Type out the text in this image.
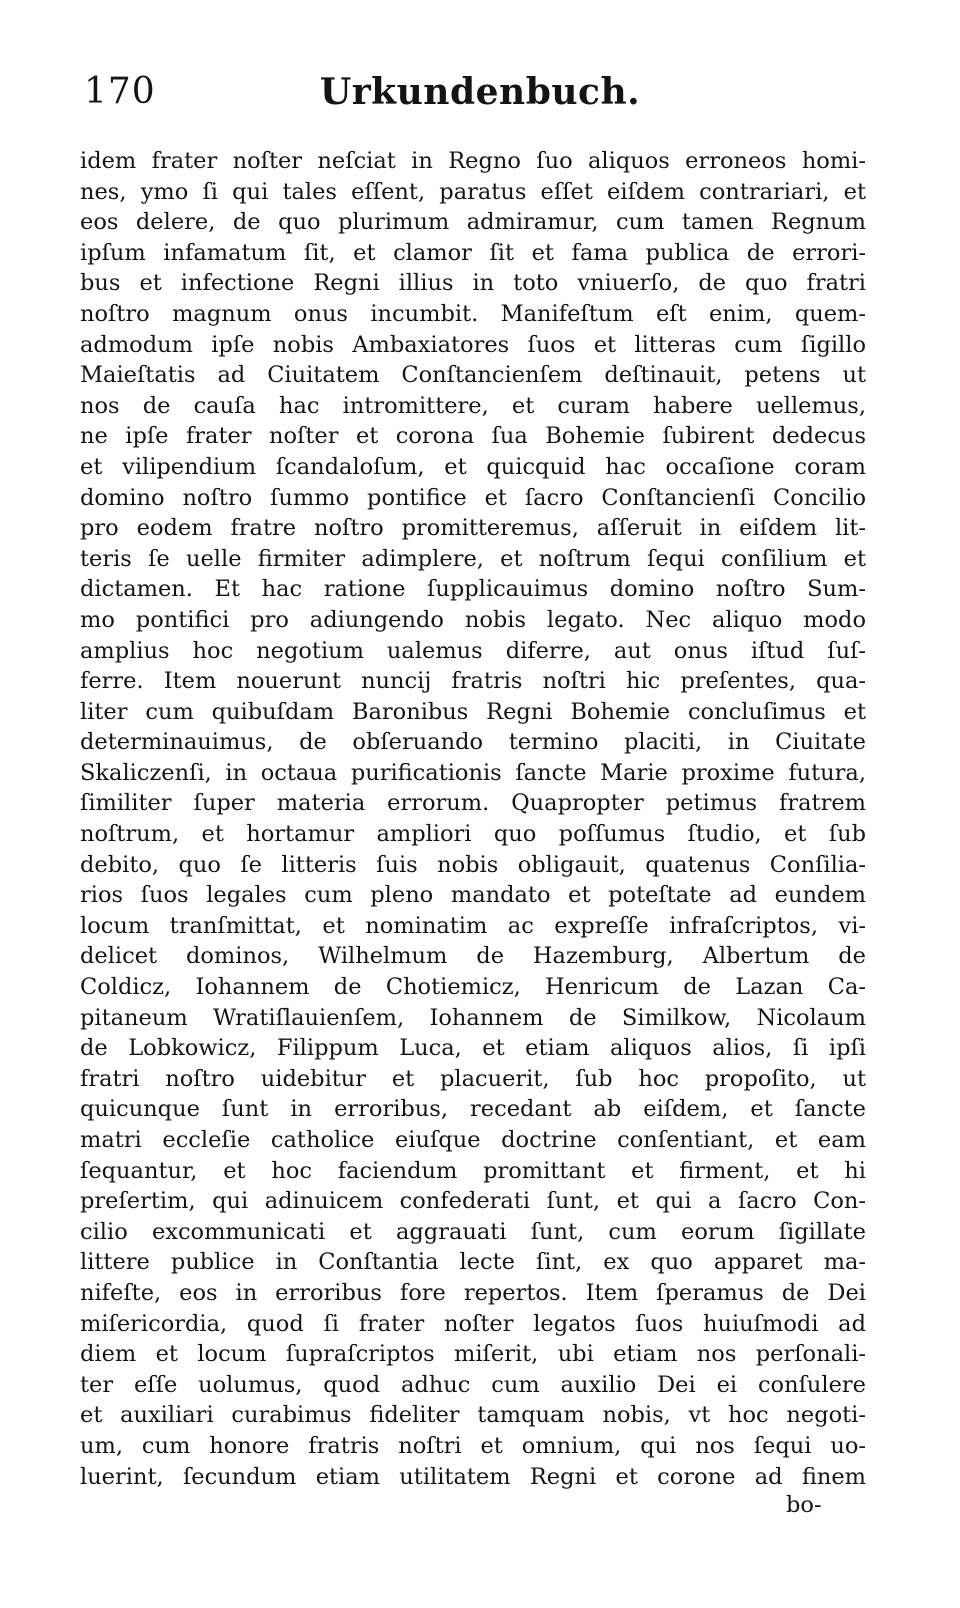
170	Urkundenbuch.
idem frater noſter neſciat in Regno ſuo aliquos erroneos homi-
nes, ymo ſi qui tales eſſent, paratus eſſet eiſdem contrariari, et
eos delere, de quo plurimum admiramur, cum tamen Regnum
ipſum infamatum ſit, et clamor ſit et fama publica de errori-
bus et infectione Regni illius in toto vniuerſo, de quo fratri
noſtro magnum onus incumbit. Manifeſtum eſt enim, quem-
admodum ipſe nobis Ambaxiatores ſuos et litteras cum ſigillo
Maieſtatis ad Ciuitatem Conſtancienſem deſtinauit, petens ut
nos de cauſa hac intromittere, et curam habere uellemus,
ne ipſe frater noſter et corona ſua Bohemie ſubirent dedecus
et vilipendium ſcandaloſum, et quicquid hac occaſione coram
domino noſtro ſummo pontifice et ſacro Conſtancienſi Concilio
pro eodem fratre noſtro promitteremus, aſſeruit in eiſdem lit-
teris ſe uelle firmiter adimplere, et noſtrum ſequi conſilium et
dictamen. Et hac ratione ſupplicauimus domino noſtro Sum-
mo pontifici pro adiungendo nobis legato. Nec aliquo modo
amplius hoc negotium ualemus diferre, aut onus iſtud ſuſ-
ferre. Item nouerunt nuncij fratris noſtri hic preſentes, qua-
liter cum quibuſdam Baronibus Regni Bohemie concluſimus et
determinauimus, de obſeruando termino placiti, in Ciuitate
Skaliczenſi, in octaua purificationis ſancte Marie proxime futura,
ſimiliter ſuper materia errorum. Quapropter petimus fratrem
noſtrum, et hortamur ampliori quo poſſumus ſtudio, et ſub
debito, quo ſe litteris ſuis nobis obligauit, quatenus Conſilia-
rios ſuos legales cum pleno mandato et poteſtate ad eundem
locum tranſmittat, et nominatim ac expreſſe infraſcriptos, vi-
delicet dominos, Wilhelmum de Hazemburg, Albertum de
Coldicz, Iohannem de Chotiemicz, Henricum de Lazan Ca-
pitaneum Wratiſlauienſem, Iohannem de Similkow, Nicolaum
de Lobkowicz, Filippum Luca, et etiam aliquos alios, ſi ipſi
fratri noſtro uidebitur et placuerit, ſub hoc propoſito, ut
quicunque ſunt in erroribus, recedant ab eiſdem, et ſancte
matri eccleſie catholice eiuſque doctrine conſentiant, et eam
ſequantur, et hoc faciendum promittant et firment, et hi
preſertim, qui adinuicem confederati ſunt, et qui a ſacro Con-
cilio excommunicati et aggrauati ſunt, cum eorum ſigillate
littere publice in Conſtantia lecte ſint, ex quo apparet ma-
nifeſte, eos in erroribus fore repertos. Item ſperamus de Dei
miſericordia, quod ſi frater noſter legatos ſuos huiuſmodi ad
diem et locum ſupraſcriptos miſerit, ubi etiam nos perſonali-
ter eſſe uolumus, quod adhuc cum auxilio Dei ei conſulere
et auxiliari curabimus fideliter tamquam nobis, vt hoc negoti-
um, cum honore fratris noſtri et omnium, qui nos ſequi uo-
luerint, ſecundum etiam utilitatem Regni et corone ad finem
bo-
